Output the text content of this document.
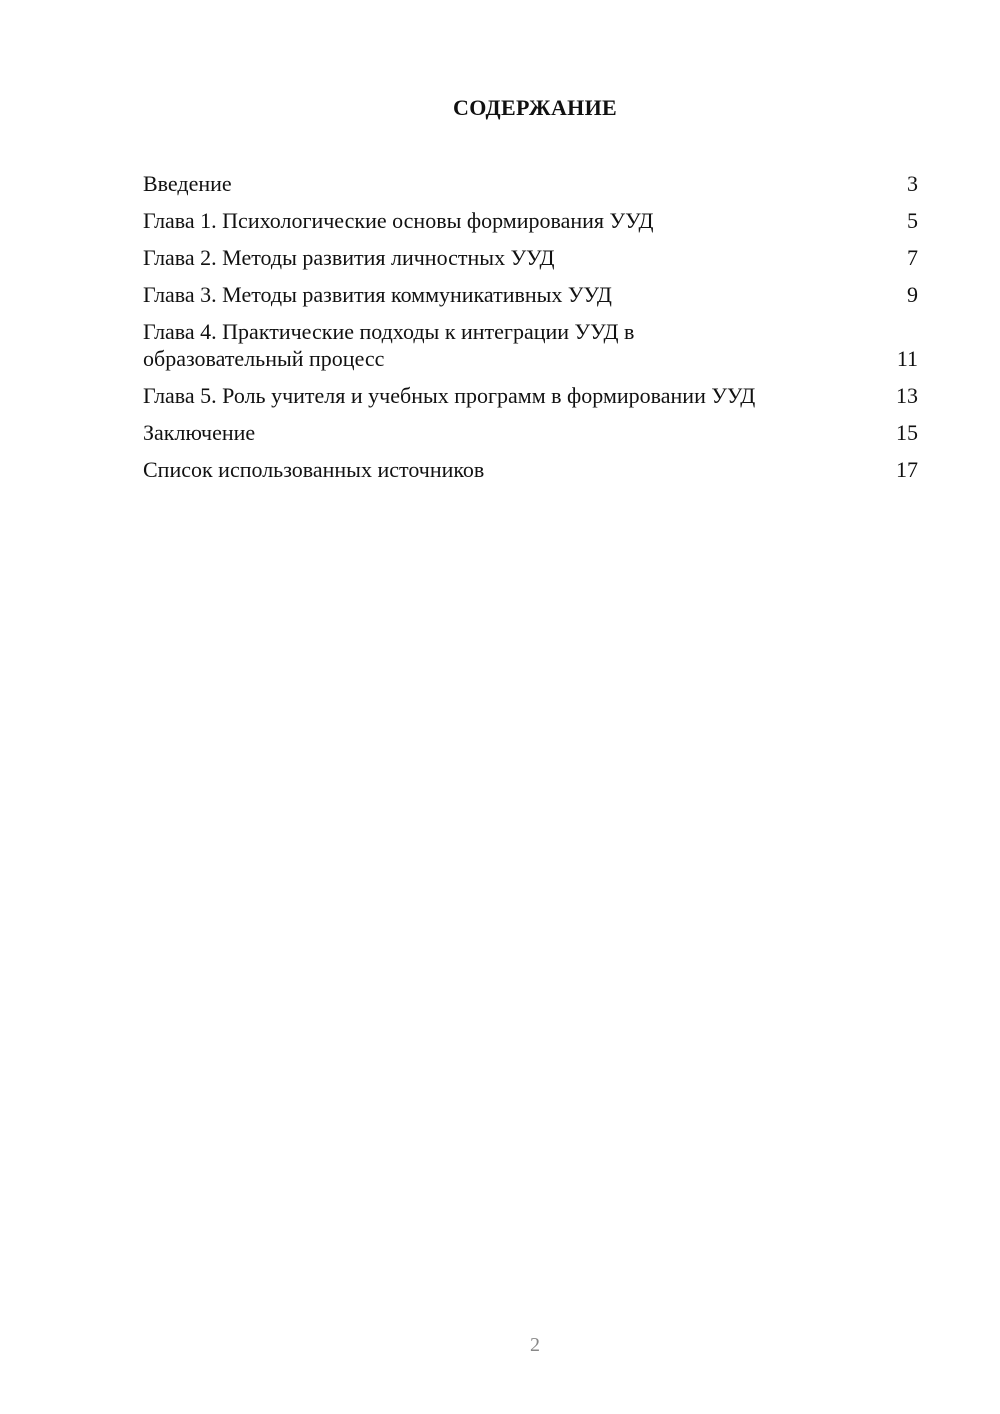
СОДЕРЖАНИЕ
Введение	3
Глава 1. Психологические основы формирования УУД	5
Глава 2. Методы развития личностных УУД	7
Глава 3. Методы развития коммуникативных УУД	9
Глава 4. Практические подходы к интеграции УУД в образовательный процесс	11
Глава 5. Роль учителя и учебных программ в формировании УУД	13
Заключение	15
Список использованных источников	17
2
